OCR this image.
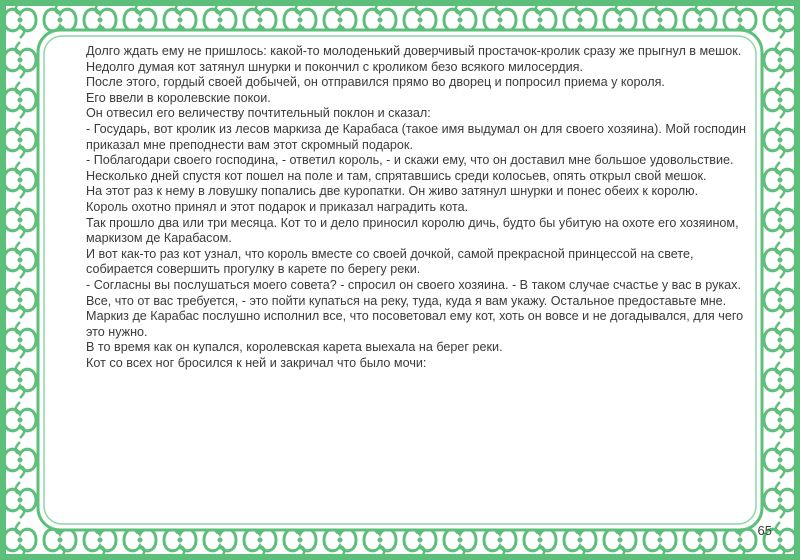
Долго ждать ему не пришлось: какой-то молоденький доверчивый простачок-кролик сразу же прыгнул в мешок.

Недолго думая кот затянул шнурки и покончил с кроликом безо всякого милосердия.

После этого, гордый своей добычей, он отправился прямо во дворец и попросил приема у короля.

Его ввели в королевские покои.

Он отвесил его величеству почтительный поклон и сказал:

- Государь, вот кролик из лесов маркиза де Карабаса (такое имя выдумал он для своего хозяина). Мой господин приказал мне преподнести вам этот скромный подарок.

- Поблагодари своего господина, - ответил король, - и скажи ему, что он доставил мне большое удовольствие.

Несколько дней спустя кот пошел на поле и там, спрятавшись среди колосьев, опять открыл свой мешок.

На этот раз к нему в ловушку попались две куропатки. Он живо затянул шнурки и понес обеих к королю.

Король охотно принял и этот подарок и приказал наградить кота.

Так прошло два или три месяца. Кот то и дело приносил королю дичь, будто бы убитую на охоте его хозяином, маркизом де Карабасом.

И вот как-то раз кот узнал, что король вместе со своей дочкой, самой прекрасной принцессой на свете, собирается совершить прогулку в карете по берегу реки.

- Согласны вы послушаться моего совета? - спросил он своего хозяина. - В таком случае счастье у вас в руках. Все, что от вас требуется, - это пойти купаться на реку, туда, куда я вам укажу. Остальное предоставьте мне.

Маркиз де Карабас послушно исполнил все, что посоветовал ему кот, хоть он вовсе и не догадывался, для чего это нужно.

В то время как он купался, королевская карета выехала на берег реки.

Кот со всех ног бросился к ней и закричал что было мочи:

65
